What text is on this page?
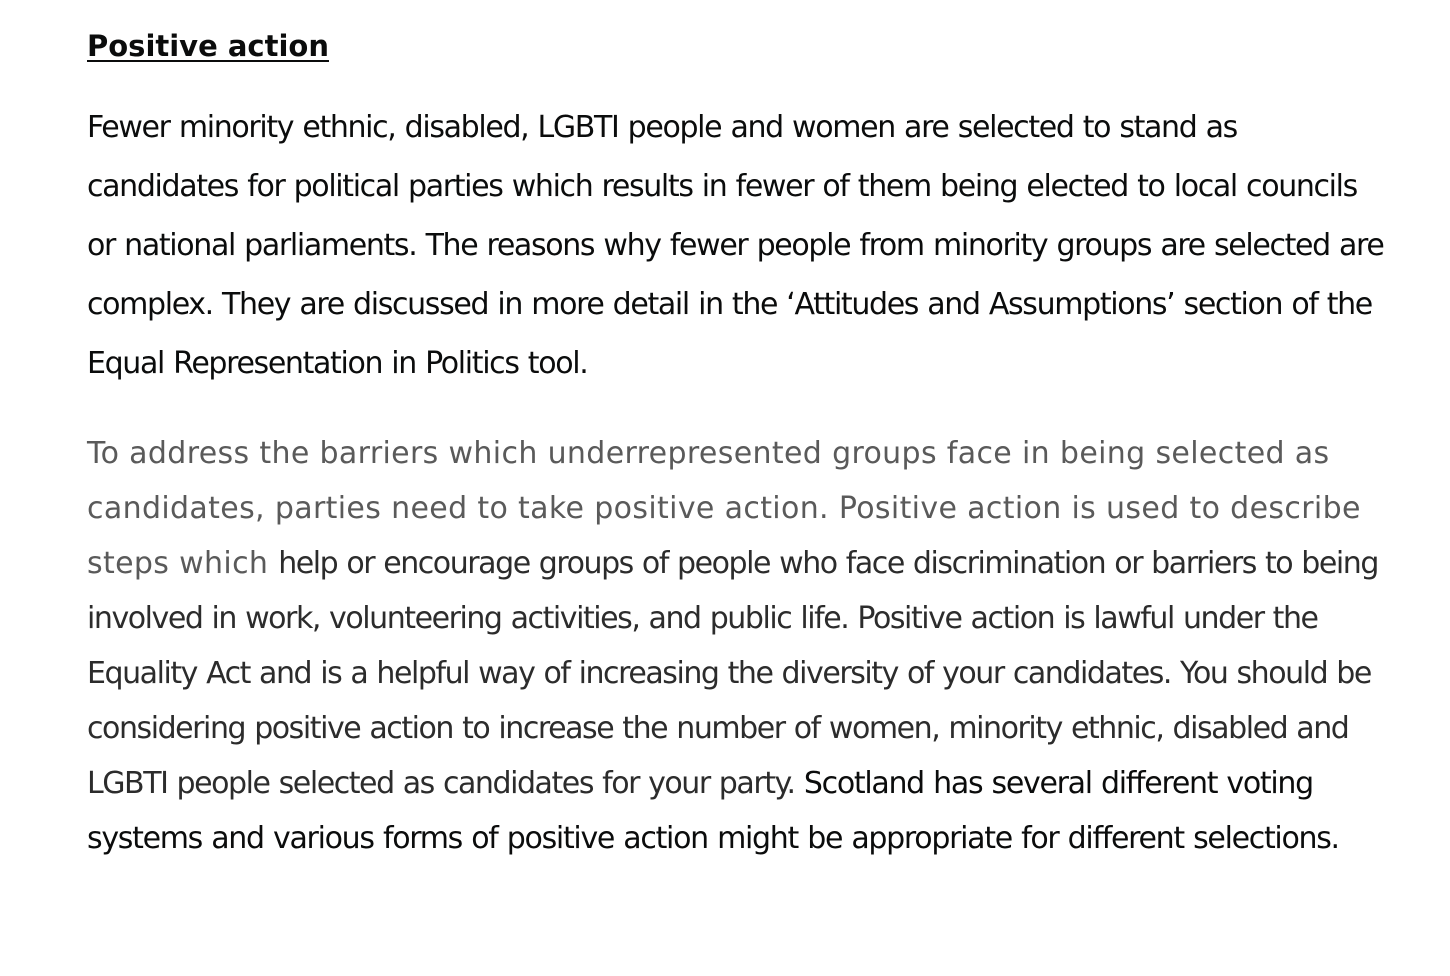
Positive action

Fewer minority ethnic, disabled, LGBTI people and women are selected to stand as candidates for political parties which results in fewer of them being elected to local councils or national parliaments. The reasons why fewer people from minority groups are selected are complex. They are discussed in more detail in the ‘Attitudes and Assumptions’ section of the Equal Representation in Politics tool.

To address the barriers which underrepresented groups face in being selected as candidates, parties need to take positive action. Positive action is used to describe steps which help or encourage groups of people who face discrimination or barriers to being involved in work, volunteering activities, and public life. Positive action is lawful under the Equality Act and is a helpful way of increasing the diversity of your candidates. You should be considering positive action to increase the number of women, minority ethnic, disabled and LGBTI people selected as candidates for your party. Scotland has several different voting systems and various forms of positive action might be appropriate for different selections.
